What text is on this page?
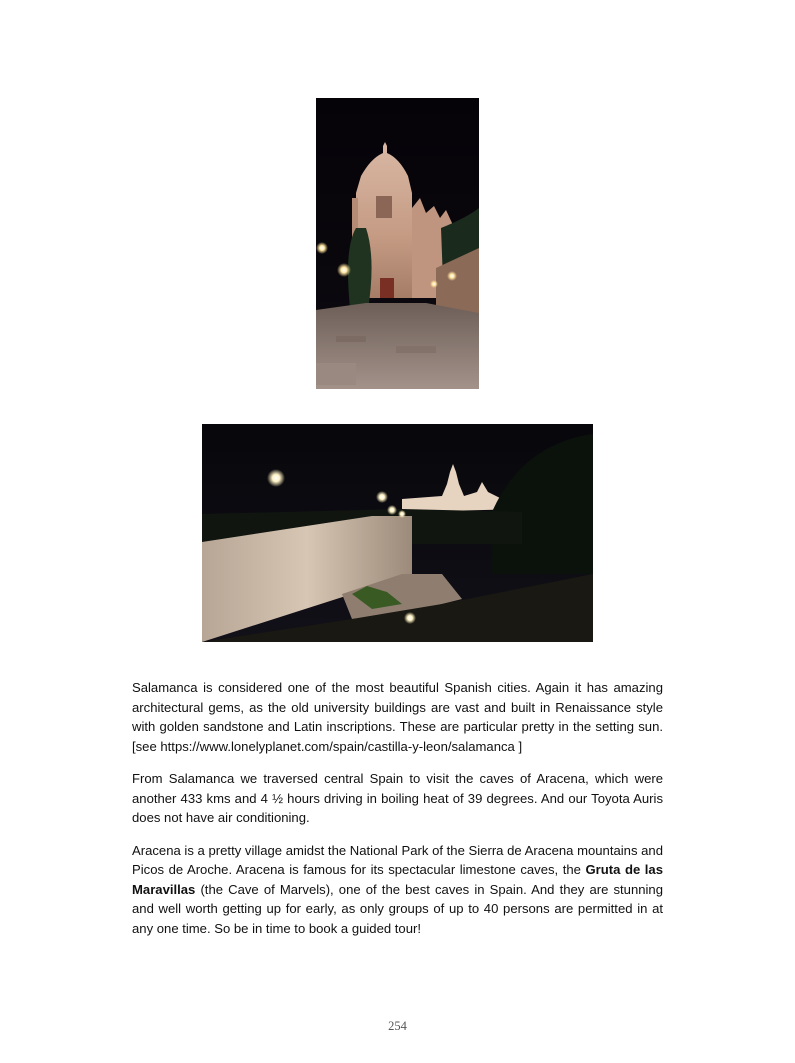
Salamanca is considered one of the most beautiful Spanish cities. Again it has amazing architectural gems, as the old university buildings are vast and built in Renaissance style with golden sandstone and Latin inscriptions. These are particular pretty in the setting sun. [see https://www.lonelyplanet.com/spain/castilla-y-leon/salamanca ]

From Salamanca we traversed central Spain to visit the caves of Aracena, which were another 433 kms and 4 ½ hours driving in boiling heat of 39 degrees. And our Toyota Auris does not have air conditioning.

Aracena is a pretty village amidst the National Park of the Sierra de Aracena mountains and Picos de Aroche. Aracena is famous for its spectacular limestone caves, the Gruta de las Maravillas (the Cave of Marvels), one of the best caves in Spain. And they are stunning and well worth getting up for early, as only groups of up to 40 persons are permitted in at any one time. So be in time to book a guided tour!

254
